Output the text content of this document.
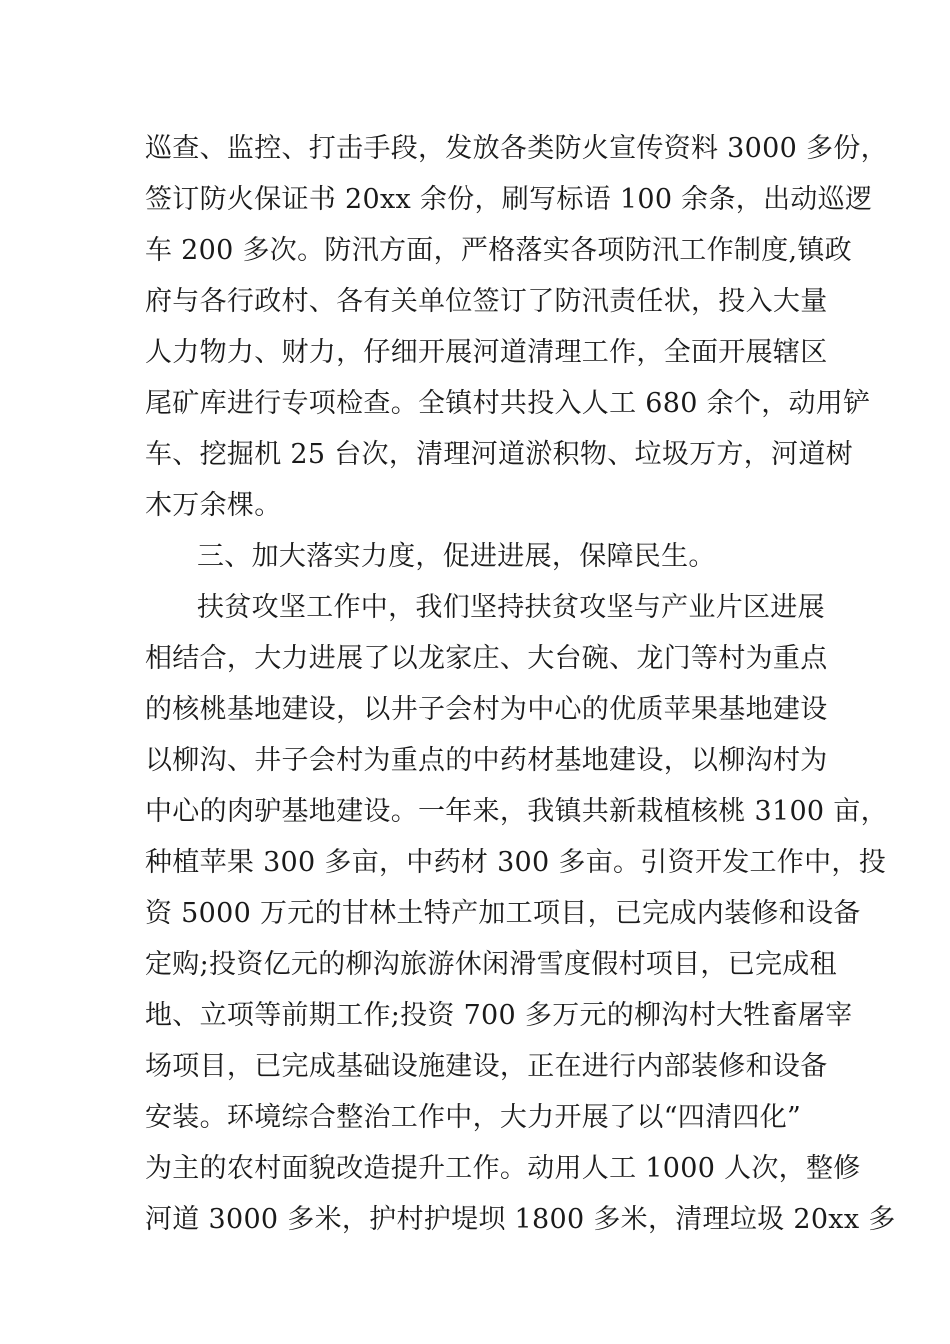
巡查、监控、打击手段，发放各类防火宣传资料 3000 多份，
签订防火保证书 20xx 余份，刷写标语 100 余条，出动巡逻
车 200 多次。防汛方面，严格落实各项防汛工作制度,镇政
府与各行政村、各有关单位签订了防汛责任状，投入大量
人力物力、财力，仔细开展河道清理工作，全面开展辖区
尾矿库进行专项检查。全镇村共投入人工 680 余个，动用铲
车、挖掘机 25 台次，清理河道淤积物、垃圾万方，河道树
木万余棵。
三、加大落实力度，促进进展，保障民生。
扶贫攻坚工作中，我们坚持扶贫攻坚与产业片区进展
相结合，大力进展了以龙家庄、大台碗、龙门等村为重点
的核桃基地建设，以井子会村为中心的优质苹果基地建设
以柳沟、井子会村为重点的中药材基地建设，以柳沟村为
中心的肉驴基地建设。一年来，我镇共新栽植核桃 3100 亩，
种植苹果 300 多亩，中药材 300 多亩。引资开发工作中，投
资 5000 万元的甘林土特产加工项目，已完成内装修和设备
定购;投资亿元的柳沟旅游休闲滑雪度假村项目，已完成租
地、立项等前期工作;投资 700 多万元的柳沟村大牲畜屠宰
场项目，已完成基础设施建设，正在进行内部装修和设备
安装。环境综合整治工作中，大力开展了以“四清四化”
为主的农村面貌改造提升工作。动用人工 1000 人次，整修
河道 3000 多米，护村护堤坝 1800 多米，清理垃圾 20xx 多
